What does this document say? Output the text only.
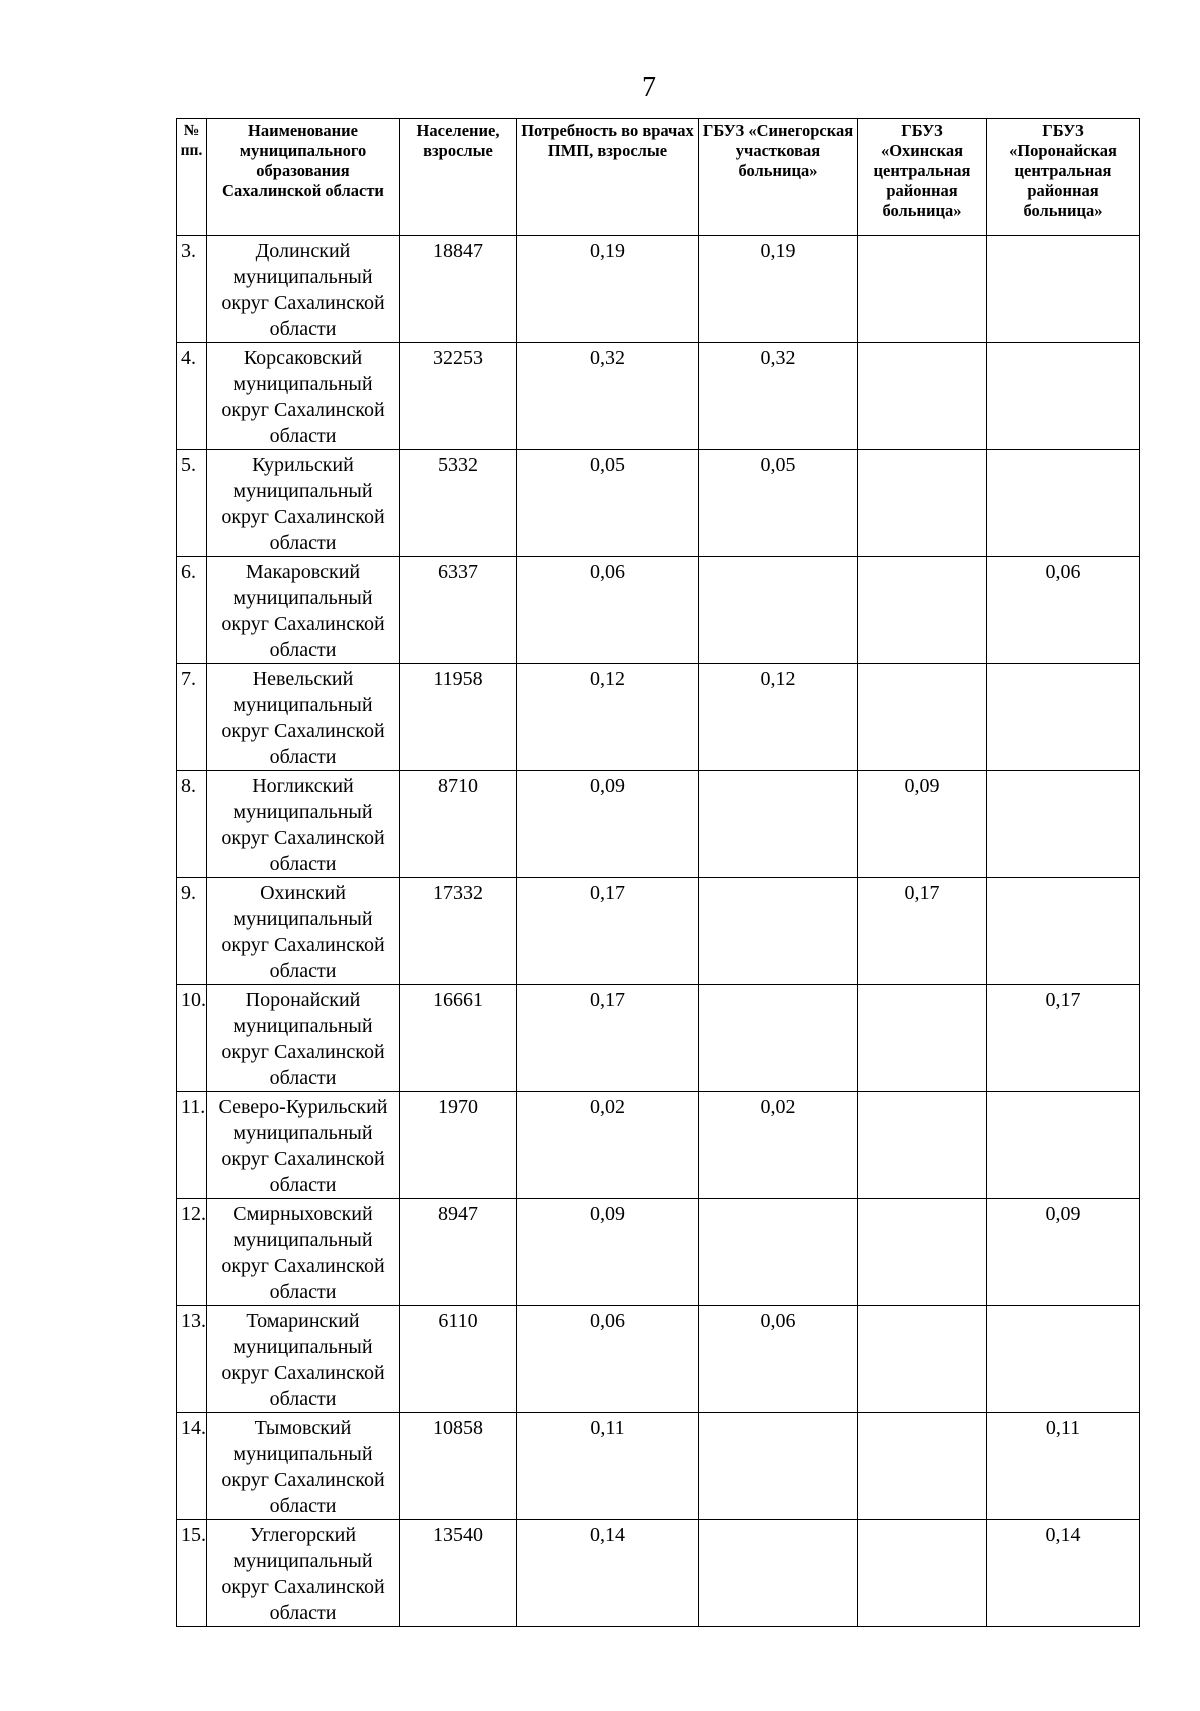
7
№ пп.	Наименование муниципального образования Сахалинской области	Население, взрослые	Потребность во врачах ПМП, взрослые	ГБУЗ «Синегорская участковая больница»	ГБУЗ «Охинская центральная районная больница»	ГБУЗ «Поронайская центральная районная больница»
3.	Долинский муниципальный округ Сахалинской области	18847	0,19	0,19		
4.	Корсаковский муниципальный округ Сахалинской области	32253	0,32	0,32		
5.	Курильский муниципальный округ Сахалинской области	5332	0,05	0,05		
6.	Макаровский муниципальный округ Сахалинской области	6337	0,06			0,06
7.	Невельский муниципальный округ Сахалинской области	11958	0,12	0,12		
8.	Ногликский муниципальный округ Сахалинской области	8710	0,09		0,09	
9.	Охинский муниципальный округ Сахалинской области	17332	0,17		0,17	
10.	Поронайский муниципальный округ Сахалинской области	16661	0,17			0,17
11.	Северо-Курильский муниципальный округ Сахалинской области	1970	0,02	0,02		
12.	Смирныховский муниципальный округ Сахалинской области	8947	0,09			0,09
13.	Томаринский муниципальный округ Сахалинской области	6110	0,06	0,06		
14.	Тымовский муниципальный округ Сахалинской области	10858	0,11			0,11
15.	Углегорский муниципальный округ Сахалинской области	13540	0,14			0,14
